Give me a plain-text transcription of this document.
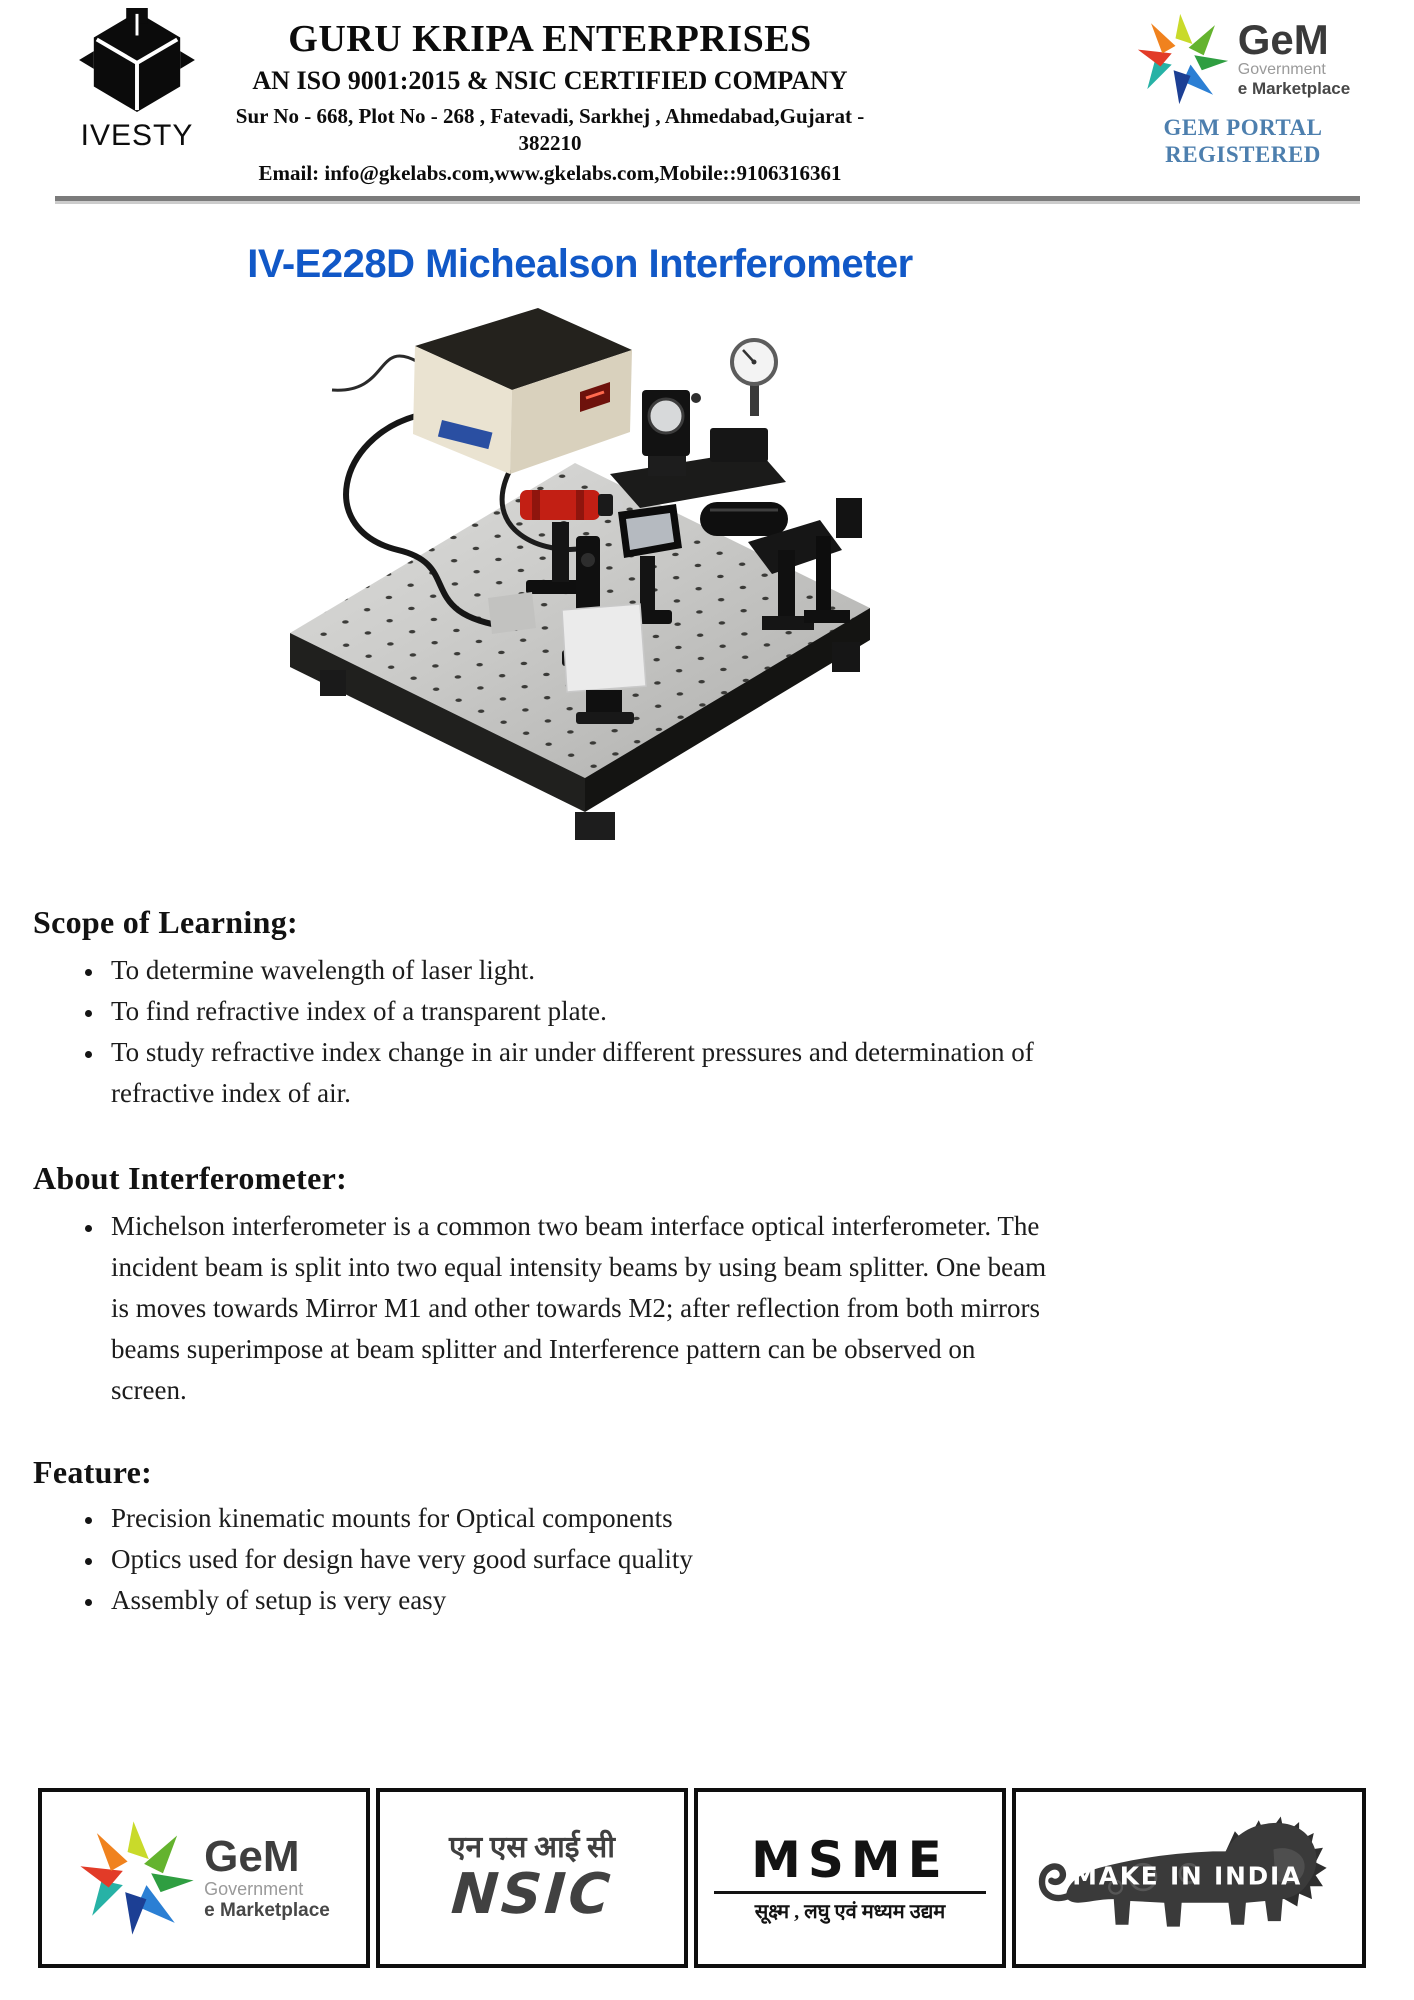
IVESTY
GURU KRIPA ENTERPRISES
AN ISO 9001:2015 & NSIC CERTIFIED COMPANY
Sur No - 668, Plot No - 268 , Fatevadi, Sarkhej , Ahmedabad,Gujarat - 382210
Email: info@gkelabs.com,www.gkelabs.com,Mobile::9106316361
GeM
Government
e Marketplace
GEM PORTAL
REGISTERED
IV-E228D Michealson Interferometer
Scope of Learning:
• To determine wavelength of laser light.
• To find refractive index of a transparent plate.
• To study refractive index change in air under different pressures and determination of refractive index of air.
About Interferometer:
• Michelson interferometer is a common two beam interface optical interferometer. The incident beam is split into two equal intensity beams by using beam splitter. One beam is moves towards Mirror M1 and other towards M2; after reflection from both mirrors beams superimpose at beam splitter and Interference pattern can be observed on screen.
Feature:
• Precision kinematic mounts for Optical components
• Optics used for design have very good surface quality
• Assembly of setup is very easy
GeM
Government
e Marketplace
एन एस आई सी
NSIC
MSME
सूक्ष्म , लघु एवं मध्यम उद्यम
MAKE IN INDIA
